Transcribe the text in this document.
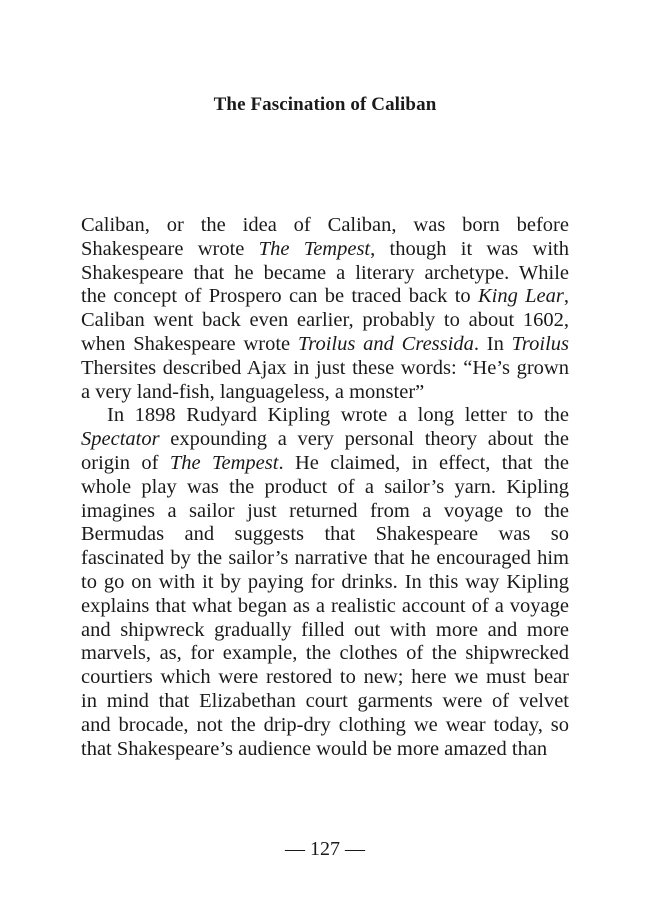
The Fascination of Caliban
Caliban, or the idea of Caliban, was born before
Shakespeare wrote The Tempest, though it was with
Shakespeare that he became a literary archetype. While
the concept of Prospero can be traced back to King Lear,
Caliban went back even earlier, probably to about 1602,
when Shakespeare wrote Troilus and Cressida. In Troilus
Thersites described Ajax in just these words: “He’s grown
a very land-fish, languageless, a monster”
In 1898 Rudyard Kipling wrote a long letter to the
Spectator expounding a very personal theory about the
origin of The Tempest. He claimed, in effect, that the
whole play was the product of a sailor’s yarn. Kipling
imagines a sailor just returned from a voyage to the
Bermudas and suggests that Shakespeare was so
fascinated by the sailor’s narrative that he encouraged him
to go on with it by paying for drinks. In this way Kipling
explains that what began as a realistic account of a voyage
and shipwreck gradually filled out with more and more
marvels, as, for example, the clothes of the shipwrecked
courtiers which were restored to new; here we must bear
in mind that Elizabethan court garments were of velvet
and brocade, not the drip-dry clothing we wear today, so
that Shakespeare’s audience would be more amazed than

— 127 —
